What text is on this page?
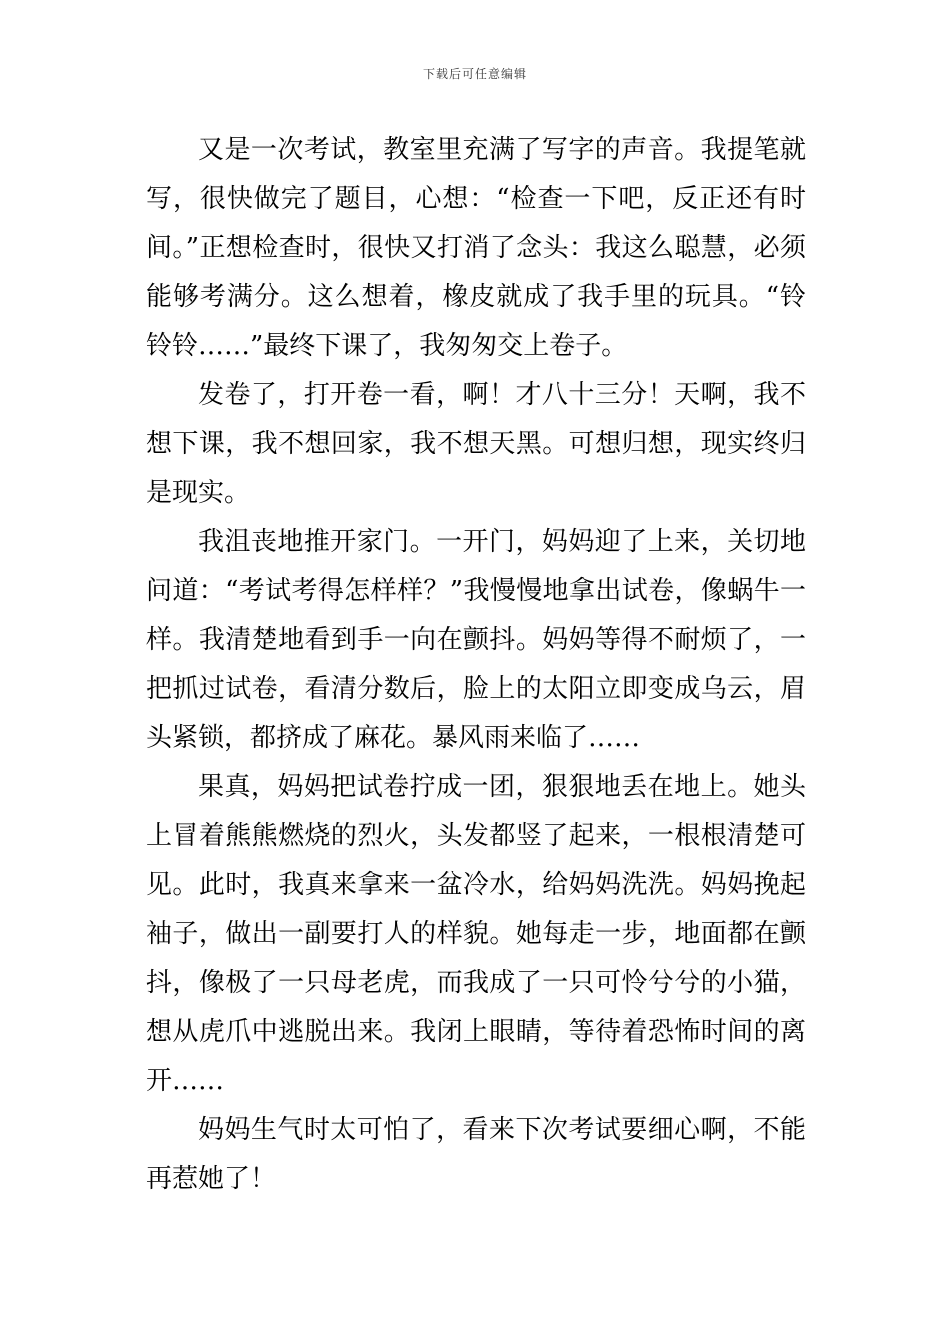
下载后可任意编辑

又是一次考试，教室里充满了写字的声音。我提笔就写，很快做完了题目，心想：“检查一下吧，反正还有时间。”正想检查时，很快又打消了念头：我这么聪慧，必须能够考满分。这么想着，橡皮就成了我手里的玩具。“铃铃铃……”最终下课了，我匆匆交上卷子。

发卷了，打开卷一看，啊！才八十三分！天啊，我不想下课，我不想回家，我不想天黑。可想归想，现实终归是现实。

我沮丧地推开家门。一开门，妈妈迎了上来，关切地问道：“考试考得怎样样？”我慢慢地拿出试卷，像蜗牛一样。我清楚地看到手一向在颤抖。妈妈等得不耐烦了，一把抓过试卷，看清分数后，脸上的太阳立即变成乌云，眉头紧锁，都挤成了麻花。暴风雨来临了……

果真，妈妈把试卷拧成一团，狠狠地丢在地上。她头上冒着熊熊燃烧的烈火，头发都竖了起来，一根根清楚可见。此时，我真来拿来一盆冷水，给妈妈洗洗。妈妈挽起袖子，做出一副要打人的样貌。她每走一步，地面都在颤抖，像极了一只母老虎，而我成了一只可怜兮兮的小猫，想从虎爪中逃脱出来。我闭上眼睛，等待着恐怖时间的离开……

妈妈生气时太可怕了，看来下次考试要细心啊，不能再惹她了！
